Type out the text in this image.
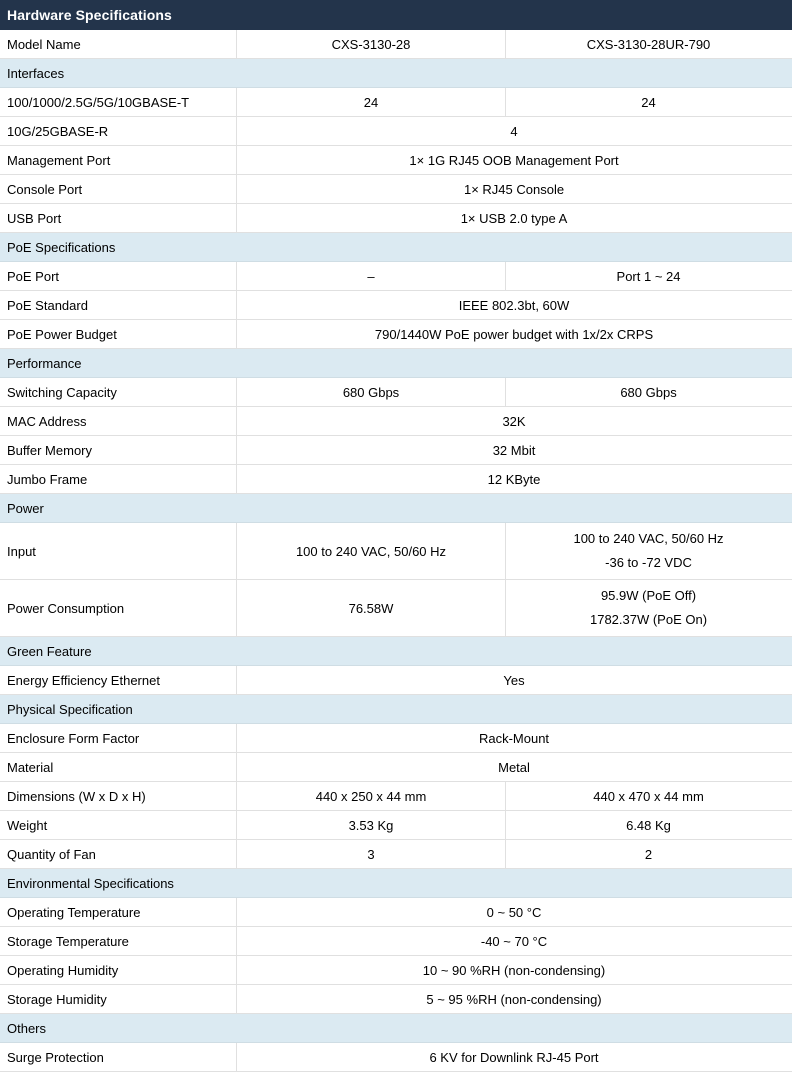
Hardware Specifications		
Model Name	CXS-3130-28	CXS-3130-28UR-790
Interfaces		
100/1000/2.5G/5G/10GBASE-T	24	24
10G/25GBASE-R	4	
Management Port	1× 1G RJ45 OOB Management Port	
Console Port	1× RJ45 Console	
USB Port	1× USB 2.0 type A	
PoE Specifications		
PoE Port	–	Port 1 ~ 24
PoE Standard	IEEE 802.3bt, 60W	
PoE Power Budget	790/1440W PoE power budget with 1x/2x CRPS	
Performance		
Switching Capacity	680 Gbps	680 Gbps
MAC Address	32K	
Buffer Memory	32 Mbit	
Jumbo Frame	12 KByte	
Power		
Input	100 to 240 VAC, 50/60 Hz	100 to 240 VAC, 50/60 Hz
-36 to -72 VDC

Power Consumption	76.58W	95.9W (PoE Off)
1782.37W (PoE On)

Green Feature		
Energy Efficiency Ethernet	Yes	
Physical Specification		
Enclosure Form Factor	Rack-Mount	
Material	Metal	
Dimensions (W x D x H)	440 x 250 x 44 mm	440 x 470 x 44 mm
Weight	3.53 Kg	6.48 Kg
Quantity of Fan	3	2
Environmental Specifications		
Operating Temperature	0 ~ 50 °C	
Storage Temperature	-40 ~ 70 °C	
Operating Humidity	10 ~ 90 %RH (non-condensing)	
Storage Humidity	5 ~ 95 %RH (non-condensing)	
Others		
Surge Protection	6 KV for Downlink RJ-45 Port	
